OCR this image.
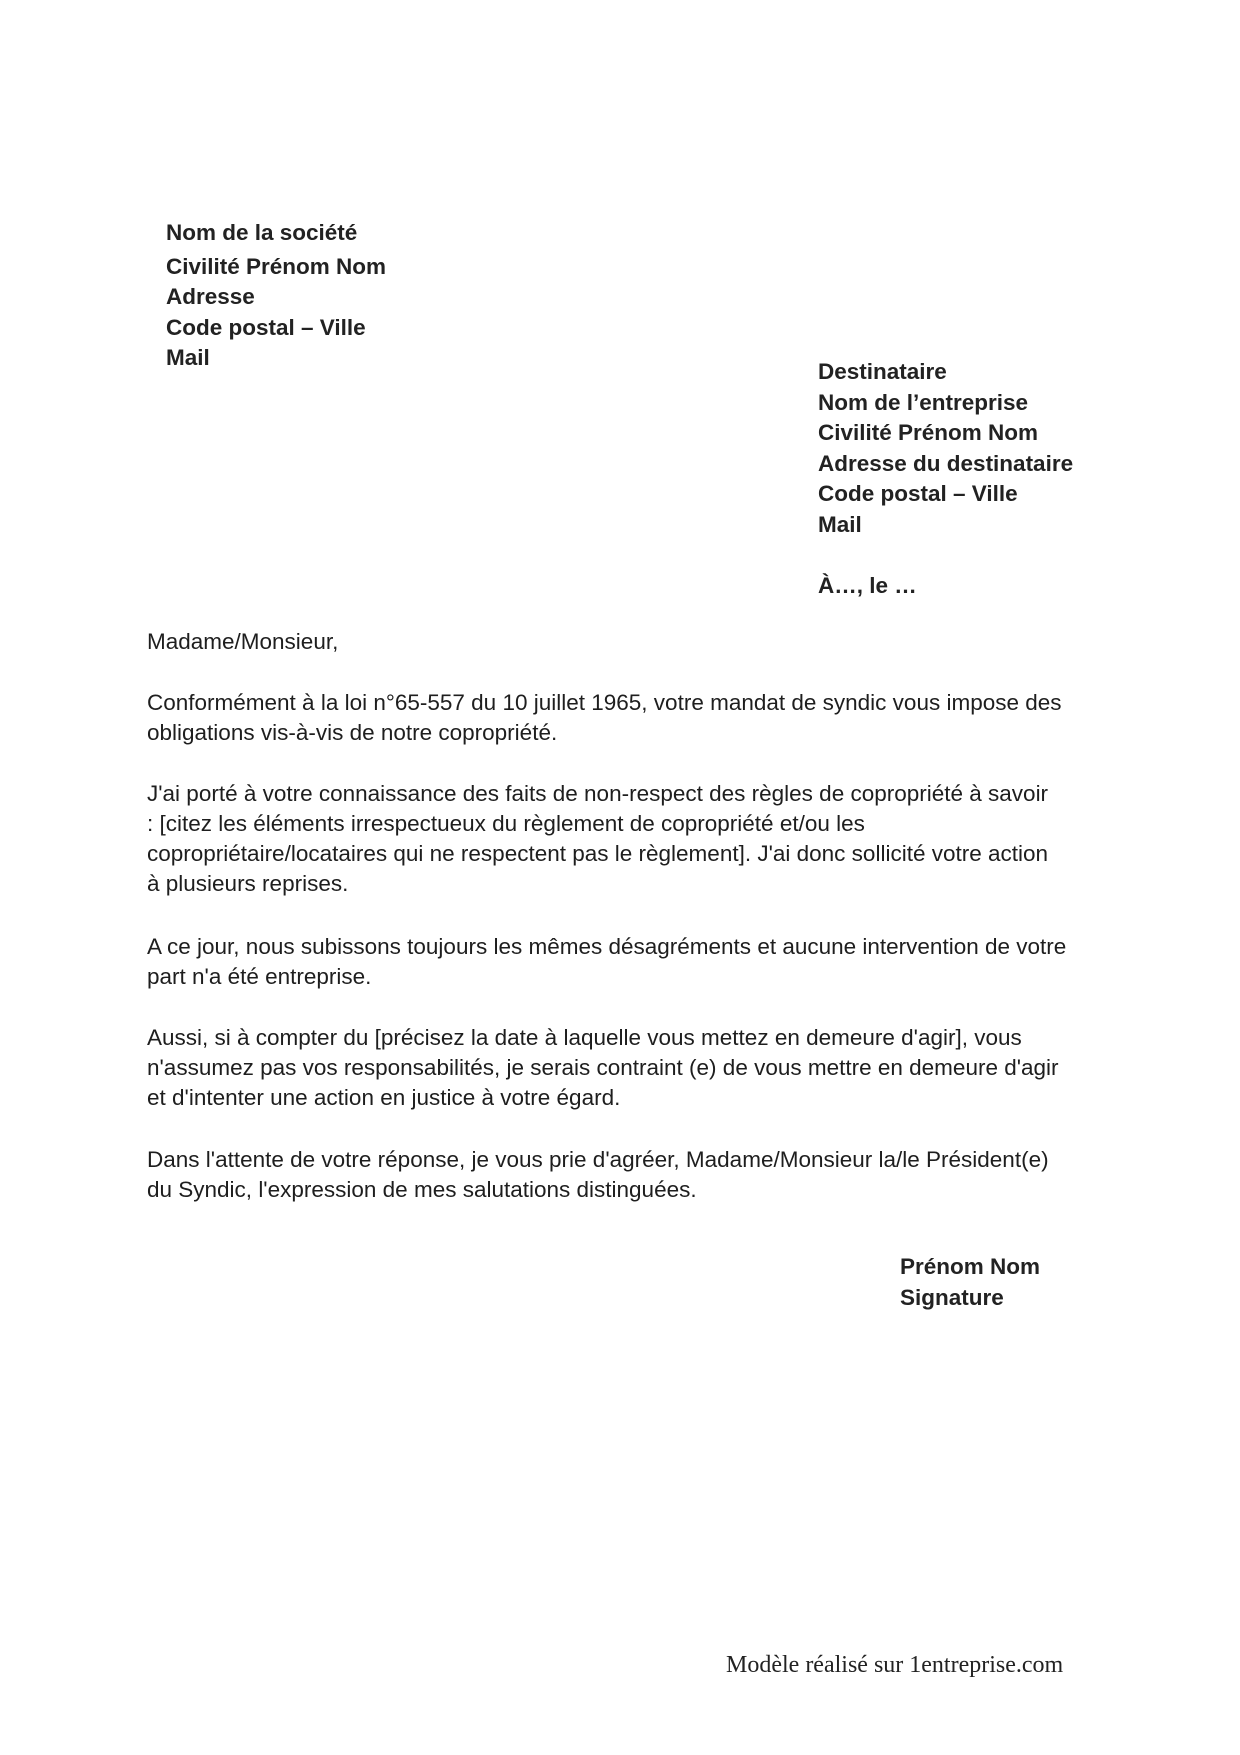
Nom de la société
Civilité Prénom Nom
Adresse
Code postal – Ville
Mail
Destinataire
Nom de l’entreprise
Civilité Prénom Nom
Adresse du destinataire
Code postal – Ville
Mail
À…, le …
Madame/Monsieur,
Conformément à la loi n°65-557 du 10 juillet 1965, votre mandat de syndic vous impose des
obligations vis-à-vis de notre copropriété.
J'ai porté à votre connaissance des faits de non-respect des règles de copropriété à savoir
: [citez les éléments irrespectueux du règlement de copropriété et/ou les
copropriétaire/locataires qui ne respectent pas le règlement]. J'ai donc sollicité votre action
à plusieurs reprises.
A ce jour, nous subissons toujours les mêmes désagréments et aucune intervention de votre
part n'a été entreprise.
Aussi, si à compter du [précisez la date à laquelle vous mettez en demeure d'agir], vous
n'assumez pas vos responsabilités, je serais contraint (e) de vous mettre en demeure d'agir
et d'intenter une action en justice à votre égard.
Dans l'attente de votre réponse, je vous prie d'agréer, Madame/Monsieur la/le Président(e)
du Syndic, l'expression de mes salutations distinguées.
Prénom Nom
Signature
Modèle réalisé sur 1entreprise.com
